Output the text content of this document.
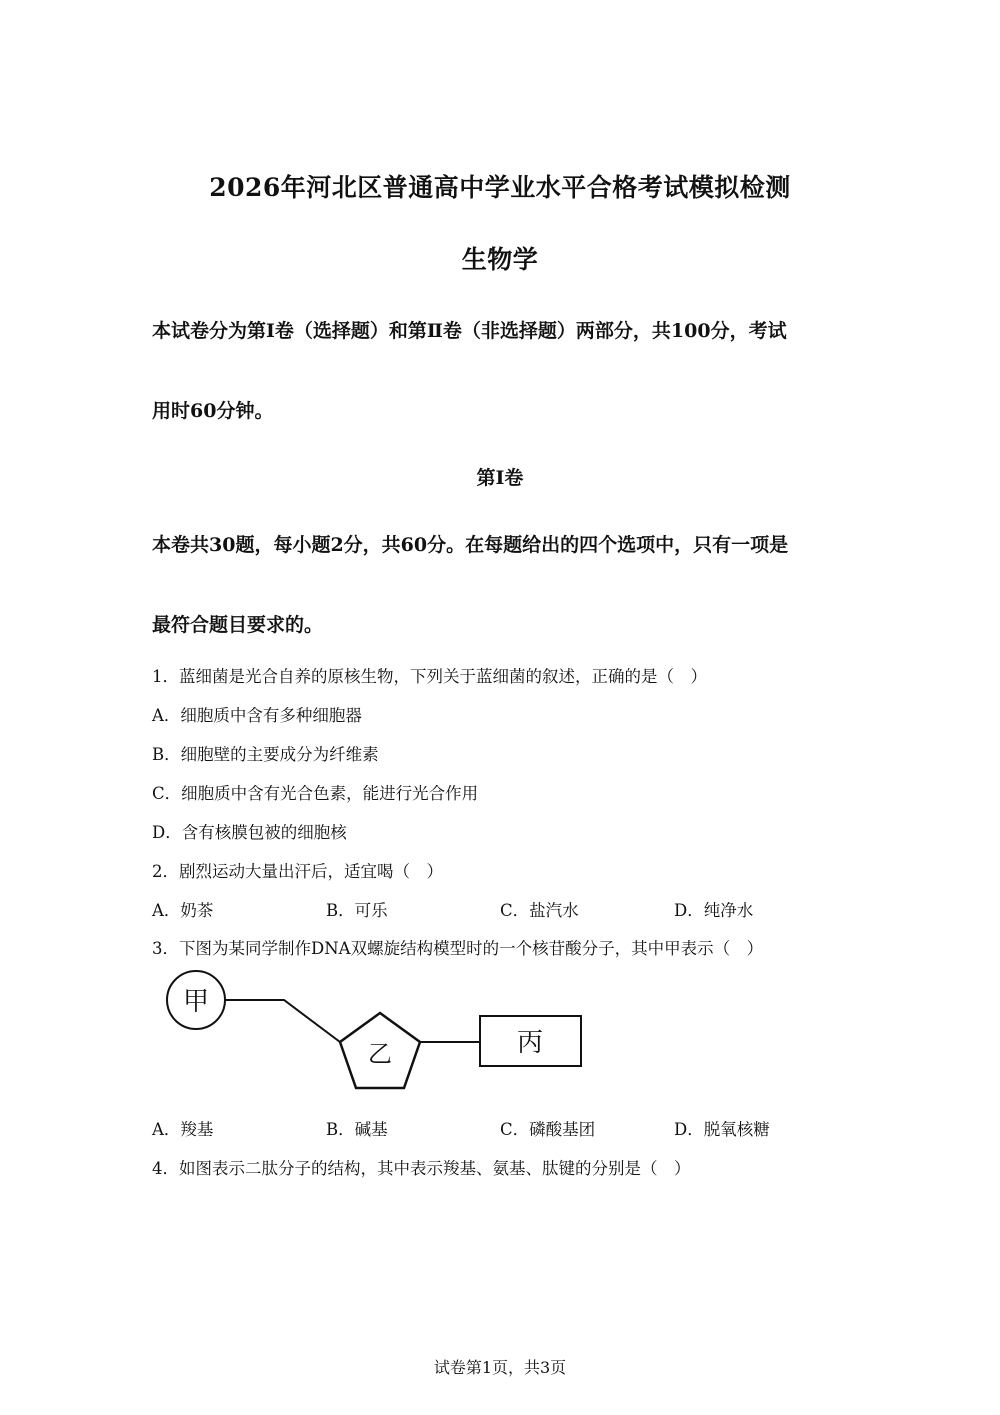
2026年河北区普通高中学业水平合格考试模拟检测
生物学
本试卷分为第Ⅰ卷（选择题）和第Ⅱ卷（非选择题）两部分，共100分，考试
用时60分钟。
第Ⅰ卷
本卷共30题，每小题2分，共60分。在每题给出的四个选项中，只有一项是
最符合题目要求的。
1．蓝细菌是光合自养的原核生物，下列关于蓝细菌的叙述，正确的是（　）
A．细胞质中含有多种细胞器
B．细胞壁的主要成分为纤维素
C．细胞质中含有光合色素，能进行光合作用
D．含有核膜包被的细胞核
2．剧烈运动大量出汗后，适宜喝（　）
A．奶茶	B．可乐	C．盐汽水	D．纯净水
3．下图为某同学制作DNA双螺旋结构模型时的一个核苷酸分子，其中甲表示（　）
甲
乙	丙
A．羧基	B．碱基	C．磷酸基团	D．脱氧核糖
4．如图表示二肽分子的结构，其中表示羧基、氨基、肽键的分别是（　）
试卷第1页，共3页
